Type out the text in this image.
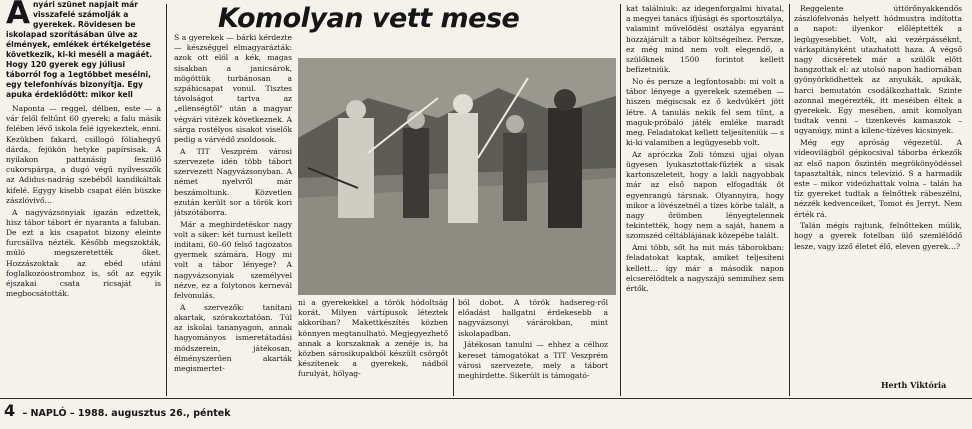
A nyári szünet napjait már visszafelé számolják a gyerekek. Rövidesen be iskolapad szorításában ülve az élmények, emlékek értékelgetése következik, ki-ki meséli a magáét. Hogy 120 gyerek egy júliusi táborról fog a 1egtöbbet mesélni, egy telefonhívás bizonyítja. Egy apuka érdeklődött: mikor kell
Komolyan vett mese

Naponta — reggel, délben, este — a vár felől feltűnt 60 gyerek; a falu másik felében lévő iskola felé igyekeztek, enni. Kezükben fakard, csillogó fóliahegyű dárda, fejükön hetyke papírsisak. A nyilakon pattanásig feszülő cukorspárga, a dugó végű nyílvesszők az Adidus-nadrág szebéből kandikáltak kifelé. Egygy kisebb csapat élén büszke zászlóvivő…

A nagyvázsonyiak igazán edzettek, hisz tábor tábort ér nyaranta a faluban. De ezt a kis csapatot bizony eleinte furcsállva nézték. Később megszokták, múló megszeretették őket. Hozzászoktak az ebéd utáni foglalkozóostromhoz is, sőt az egyik éjszakai csata ricsaját is megbocsátották.

S a gyerekek — bárki kérdezte — készséggel elmagyarázták: azok ott elöl a kék, magas sisakban a janicsárok, mögöttük turbánosan a szpáhicsapat vonul. Tisztes távolságot tartva az „ellenségtől" után a magyar végvári vitézek következnek. A sárga rostélyos sisakot viselők pedig a várvédő zsoldosok.

A TIT Veszprém városi szervezete idén több tábort szervezett Nagyvázsonyban. A német nyelvről már beszámoltunk. Közvetlen ezután került sor a török kori játszótáborra.

Már a meghirdetéskor nagy volt a siker: két turnust kellett indítani, 60–60 felső tagozatos gyermek számára. Hogy mi volt a tábor lényege? A nagyvázsonyiak személyvel nézve, ez a folytonos kernevál felvonulás.

A szervezők: tanítani akartak, szórakoztatóan. Túl az iskolai tananyagon, annak hagyományos ismeretátadási módszerein, játékosan, élményszerűen akarták megismertet-

ni a gyerekekkel a török hódoltság korát. Milyen vártípusok léteztek akkoriban? Makettkészítés közben könnyen megtanulható. Megjegyezhető annak a korszaknak a zenéje is, ha közben sárosikupakból készült csörgőt készítenek a gyerekek, nádból furulyát, hólyag-

ból dobot. A török hadsereg-ről előadást hallgatni érdekesebb a nagyvázsonyi várárokban, mint iskolapadban.

Játékosan tanulni — ehhez a célhoz kereset támogatókat a TIT Veszprém városi szervezete, mely a tábort meghirdette. Sikerült is támogató-

kat találniuk: az idegenforgalmi hivatal, a megyei tanács ifjúsági és sportosztálya, valamint művelődési osztálya egyaránt hozzájárult a tábor költségeihez. Persze, ez még mind nem volt elegendő, a szülőknek 1500 forintot kellett befizetniük.

No és persze a legfontosabb: mi volt a tábor lényege a gyerekek szemében — hiszen mégiscsak ez ő kedvükért jött létre. A tanulás nekik fel sem tűnt, a maguk-próbáló játék emléke maradt meg. Feladatokat kellett teljesíteniük — s ki-ki valamiben a legügyesebb volt.

Az apróczka Zoli tömzsi ujjai olyan ügyesen lyukasztottak-fűzték a sisak kartonszeleteit, hogy a lakli nagyobbak már az első napon elfogadták őt egyenrangú társnak. Olyannyira, hogy mikor a lövészetnél a tízes körbe talált, a nagy őrömben lényegtelennek tekintették, hogy nem a saját, hanem a szomszéd céltáblájának közepébe talált.

Ami több, sőt ha mit más táborokban: feladatokat kaptak, amiket teljesíteni kellett… így már a második napon elcserélődtek a nagyszájú semmihez sem értők.

Reggelente úttörőnyakkendős zászlófelvonás helyett hódmustra indította a napot: ilyenkor előléptették a legügyesebbet. Volt, aki vezérpásséknt, várkapitányként utazhatott haza. A végső nagy dicséretek már a szülők előtt hangzottak el: az utolsó napon hadiornában gyönyörködhettek az anyukák, apukák, harci bemutatón csodálkozhattak. Szinte azonnal megérezték, itt meséiben éltek a gyerekek. Egy mesében, amit komolyan tudtak venni – tizenkevés kamaszok –ugyanúgy, mint a kilenc-tízéves kicsinyek.

Még egy apróság végezetül. A videovilágból gépkocsival táborba érkezők az első napon őszintén megrökönyödéssel tapasztalták, nincs televízió. S a harmadik este – mikor videózhattak volna – talán ha tíz gyereket tudtak a felnőttek rábeszélni, nézzék kedvenceiket, Tomot és Jerryt. Nem érték rá.

Talán mégis rajtunk, felnőtteken múlik, hogy a gyerek fotelban ülő szemlélődő lesze, vagy izző életet élő, eleven gyerek…?

Herth Viktória
4 – NAPLÓ – 1988. augusztus 26., péntek
